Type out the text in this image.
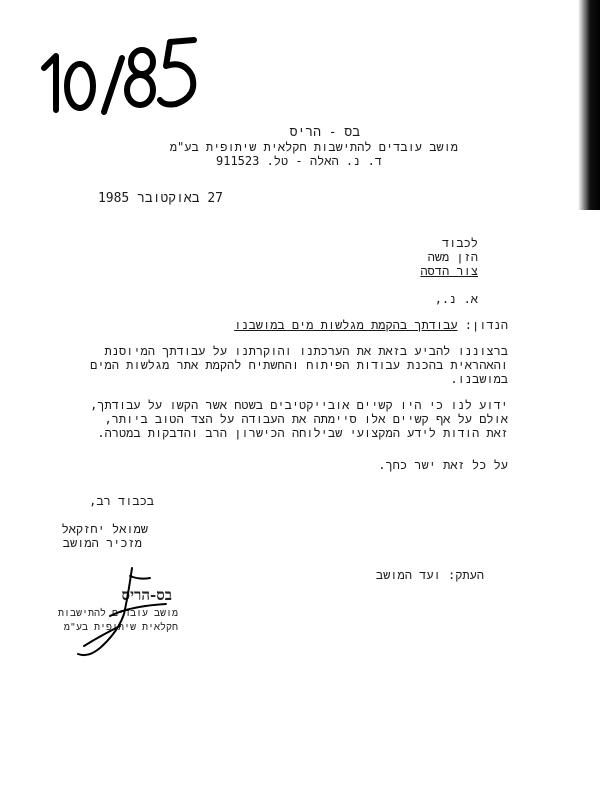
בס - הריס
מושב עובדים להתישבות חקלאית שיתופית בע"מ
ד. נ. האלה - טל. 911523
27 באוקטובר 1985
לכבוד
הזן משה
צור הדסה
א. נ.,
הנדון: עבודתך בהקמת מגלשות מים במושבנו
ברצוננו להביע בזאת את הערכתנו והוקרתנו על עבודתך המיוסנת
והאהראית בהכנת עבודות הפיתוח והחשתיח להקמת אתר מגלשות המים
במושבנו.
ידוע לנו כי היו קשיים אובייקטיבים בשטח אשר הקשו על עבודתך,
אולם על אף קשיים אלו סיימתה את העבודה על הצד הטוב ביותר,
זאת הודות לידע המקצועי שבילוחה הכישרון הרב והדבקות במטרה.
על כל זאת ישר כחך.
בכבוד רב,
שמואל יחזקאל
מזכיר המושב
העתק: ועד המושב
בס-הריס
מושב עובדים להתישבות
חקלאית שיתופית בע"מ
